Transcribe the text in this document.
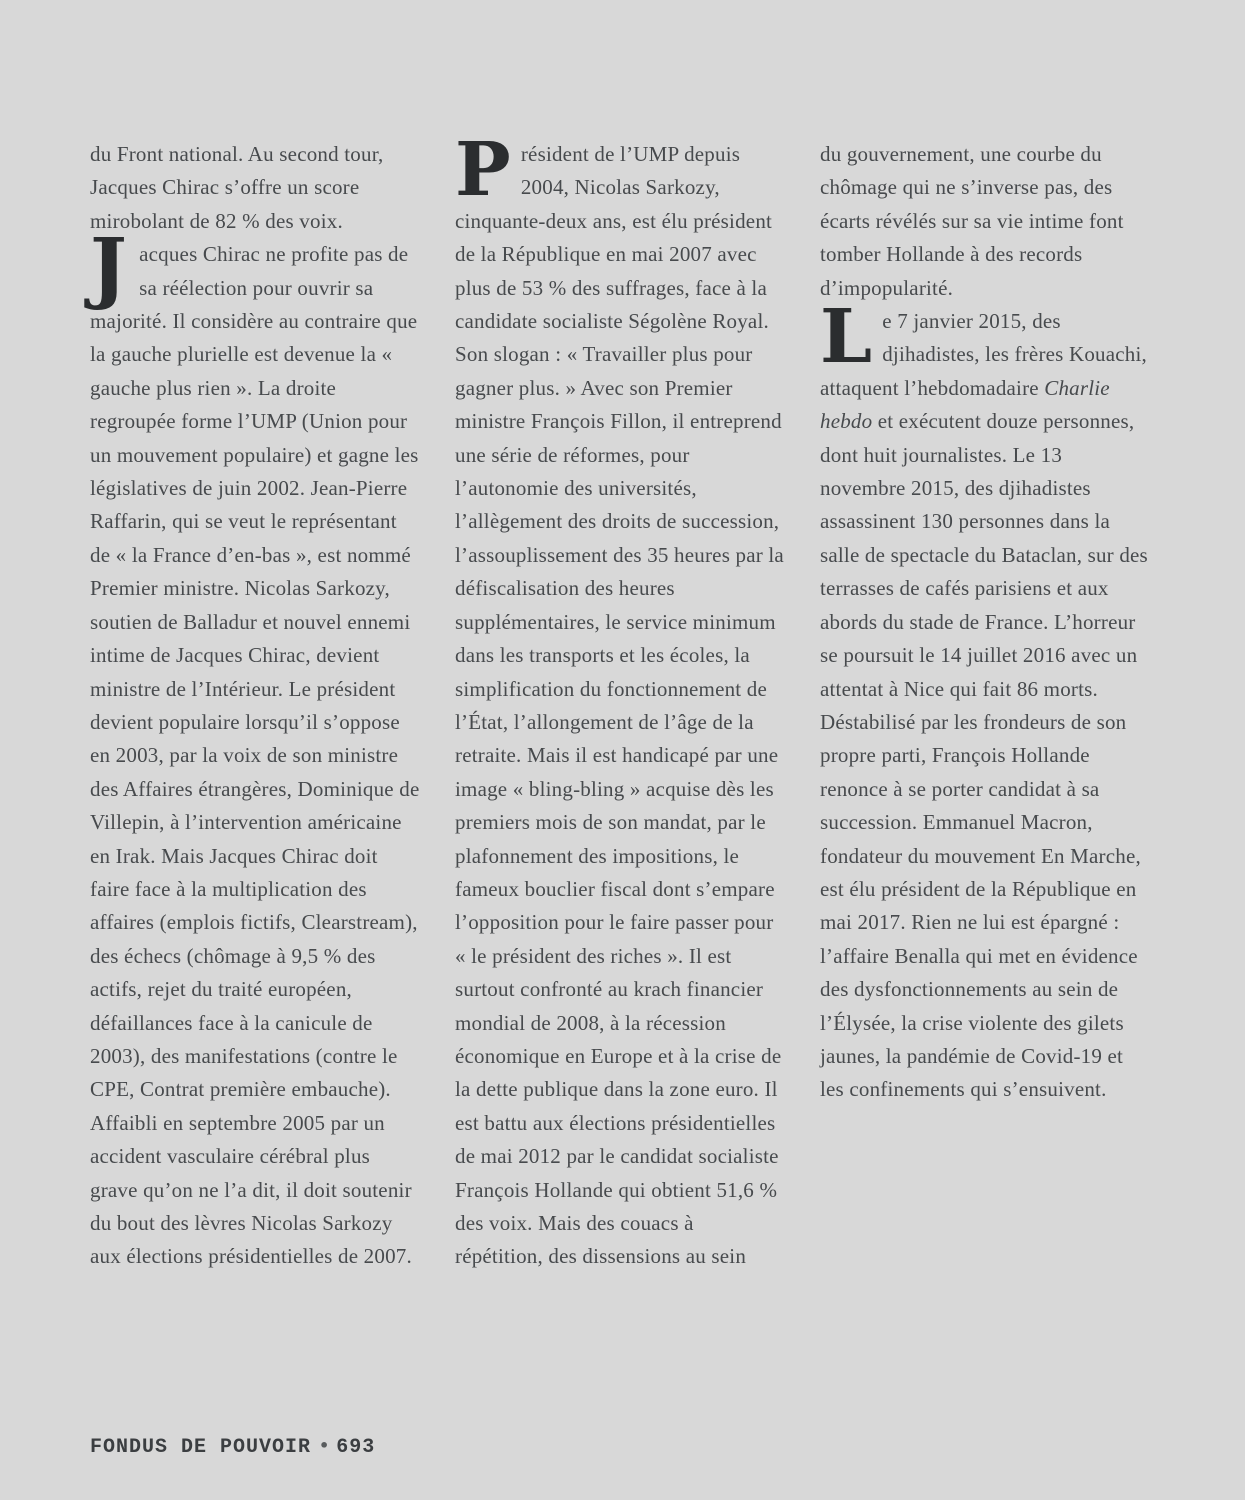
du Front national. Au second tour, Jacques Chirac s’offre un score mirobolant de 82 % des voix.

Jacques Chirac ne profite pas de sa réélection pour ouvrir sa majorité. Il considère au contraire que la gauche plurielle est devenue la « gauche plus rien ». La droite regroupée forme l’UMP (Union pour un mouvement populaire) et gagne les législatives de juin 2002. Jean-Pierre Raffarin, qui se veut le représentant de « la France d’en-bas », est nommé Premier ministre. Nicolas Sarkozy, soutien de Balladur et nouvel ennemi intime de Jacques Chirac, devient ministre de l’Intérieur. Le président devient populaire lorsqu’il s’oppose en 2003, par la voix de son ministre des Affaires étrangères, Dominique de Villepin, à l’intervention américaine en Irak. Mais Jacques Chirac doit faire face à la multiplication des affaires (emplois fictifs, Clearstream), des échecs (chômage à 9,5 % des actifs, rejet du traité européen, défaillances face à la canicule de 2003), des manifestations (contre le CPE, Contrat première embauche). Affaibli en septembre 2005 par un accident vasculaire cérébral plus grave qu’on ne l’a dit, il doit soutenir du bout des lèvres Nicolas Sarkozy aux élections présidentielles de 2007.

Président de l’UMP depuis 2004, Nicolas Sarkozy, cinquante-deux ans, est élu président de la République en mai 2007 avec plus de 53 % des suffrages, face à la candidate socialiste Ségolène Royal. Son slogan : « Travailler plus pour gagner plus. » Avec son Premier ministre François Fillon, il entreprend une série de réformes, pour l’autonomie des universités, l’allègement des droits de succession, l’assouplissement des 35 heures par la défiscalisation des heures supplémentaires, le service minimum dans les transports et les écoles, la simplification du fonctionnement de l’État, l’allongement de l’âge de la retraite. Mais il est handicapé par une image « bling-bling » acquise dès les premiers mois de son mandat, par le plafonnement des impositions, le fameux bouclier fiscal dont s’empare l’opposition pour le faire passer pour « le président des riches ». Il est surtout confronté au krach financier mondial de 2008, à la récession économique en Europe et à la crise de la dette publique dans la zone euro. Il est battu aux élections présidentielles de mai 2012 par le candidat socialiste François Hollande qui obtient 51,6 % des voix. Mais des couacs à répétition, des dissensions au sein

du gouvernement, une courbe du chômage qui ne s’inverse pas, des écarts révélés sur sa vie intime font tomber Hollande à des records d’impopularité.

Le 7 janvier 2015, des djihadistes, les frères Kouachi, attaquent l’hebdomadaire Charlie hebdo et exécutent douze personnes, dont huit journalistes. Le 13 novembre 2015, des djihadistes assassinent 130 personnes dans la salle de spectacle du Bataclan, sur des terrasses de cafés parisiens et aux abords du stade de France. L’horreur se poursuit le 14 juillet 2016 avec un attentat à Nice qui fait 86 morts. Déstabilisé par les frondeurs de son propre parti, François Hollande renonce à se porter candidat à sa succession. Emmanuel Macron, fondateur du mouvement En Marche, est élu président de la République en mai 2017. Rien ne lui est épargné : l’affaire Benalla qui met en évidence des dysfonctionnements au sein de l’Élysée, la crise violente des gilets jaunes, la pandémie de Covid-19 et les confinements qui s’ensuivent.

FONDUS DE POUVOIR • 693
